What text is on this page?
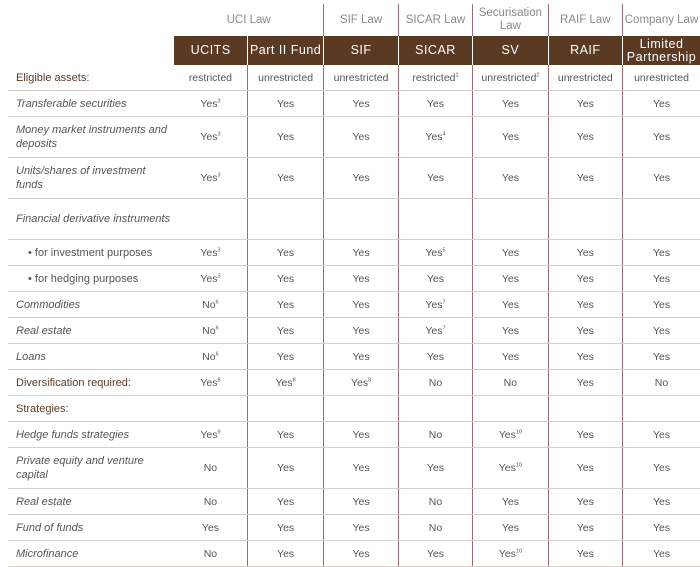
	UCI Law		SIF Law	SICAR Law	Securisation Law	RAIF Law	Company Law
	UCITS	Part II Fund	SIF	SICAR	SV	RAIF	Limited Partnership
Eligible assets:	restricted	unrestricted	unrestricted	restricted$^1$	unrestricted$^2$	unrestricted	unrestricted
Transferable securities	Yes$^3$	Yes	Yes	Yes	Yes	Yes	Yes
Money market instruments and deposits	Yes$^3$	Yes	Yes	Yes$^4$	Yes	Yes	Yes
Units/shares of investment funds	Yes$^3$	Yes	Yes	Yes	Yes	Yes	Yes
Financial derivative instruments							
• for investment purposes	Yes$^3$	Yes	Yes	Yes$^5$	Yes	Yes	Yes
• for hedging purposes	Yes$^3$	Yes	Yes	Yes	Yes	Yes	Yes
Commodities	No$^6$	Yes	Yes	Yes$^7$	Yes	Yes	Yes
Real estate	No$^6$	Yes	Yes	Yes$^7$	Yes	Yes	Yes
Loans	No$^6$	Yes	Yes	Yes	Yes	Yes	Yes
Diversification required:	Yes$^8$	Yes$^8$	Yes$^8$	No	No	Yes	No
Strategies:							
Hedge funds strategies	Yes$^9$	Yes	Yes	No	Yes$^{10}$	Yes	Yes
Private equity and venture capital	No	Yes	Yes	Yes	Yes$^{10}$	Yes	Yes
Real estate	No	Yes	Yes	No	Yes	Yes	Yes
Fund of funds	Yes	Yes	Yes	No	Yes	Yes	Yes
Microfinance	No	Yes	Yes	Yes	Yes$^{10}$	Yes	Yes
